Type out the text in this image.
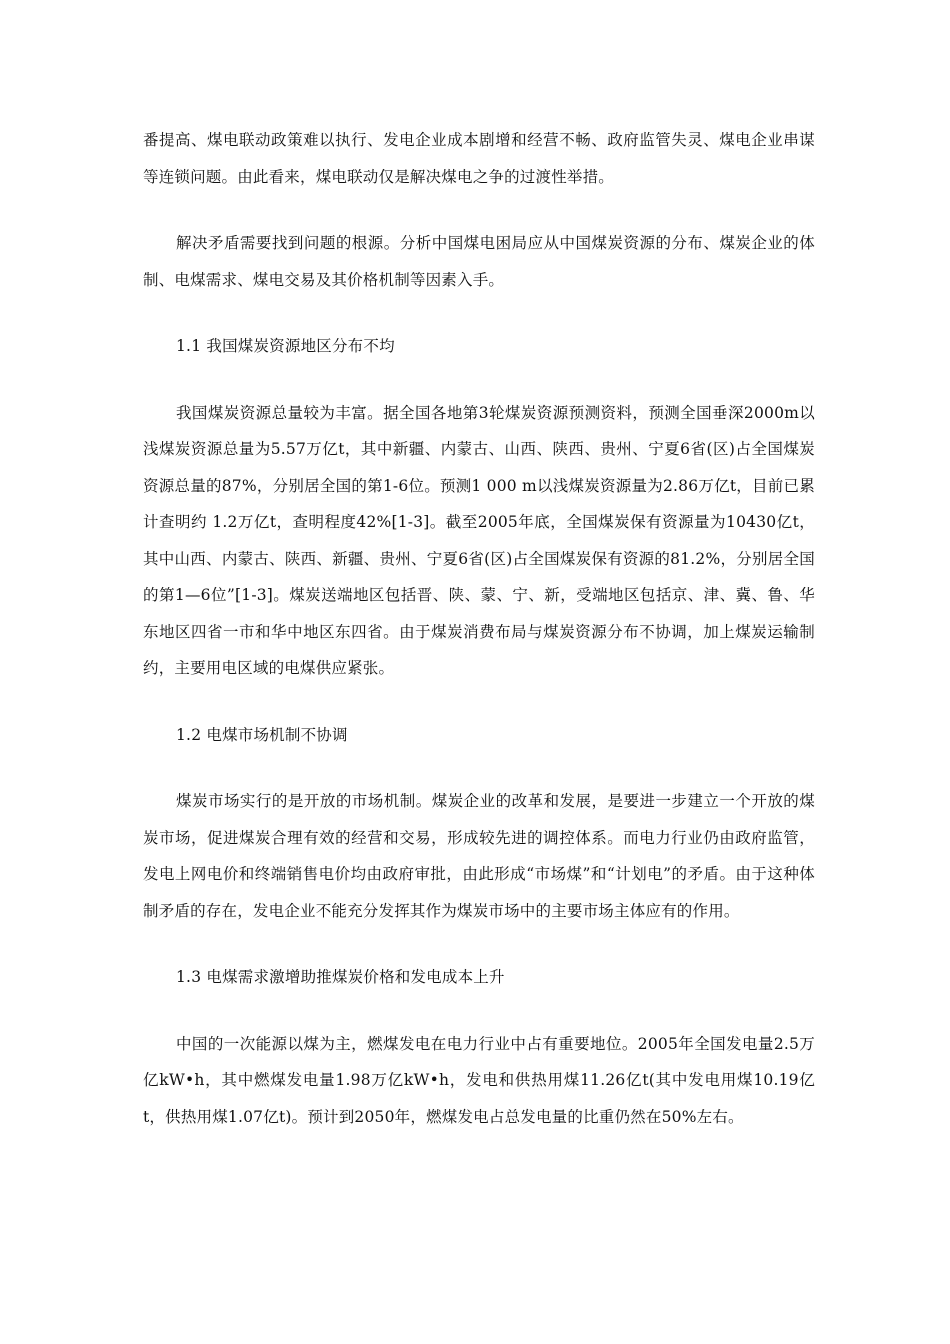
番提高、煤电联动政策难以执行、发电企业成本剧增和经营不畅、政府监管失灵、煤电企业串谋等连锁问题。由此看来，煤电联动仅是解决煤电之争的过渡性举措。

解决矛盾需要找到问题的根源。分析中国煤电困局应从中国煤炭资源的分布、煤炭企业的体制、电煤需求、煤电交易及其价格机制等因素入手。

1.1 我国煤炭资源地区分布不均

我国煤炭资源总量较为丰富。据全国各地第3轮煤炭资源预测资料，预测全国垂深2000m以浅煤炭资源总量为5.57万亿t，其中新疆、内蒙古、山西、陕西、贵州、宁夏6省(区)占全国煤炭资源总量的87%，分别居全国的第1-6位。预测1 000 m以浅煤炭资源量为2.86万亿t，目前已累计查明约 1.2万亿t，查明程度42%[1-3]。截至2005年底，全国煤炭保有资源量为10430亿t，其中山西、内蒙古、陕西、新疆、贵州、宁夏6省(区)占全国煤炭保有资源的81.2%，分别居全国的第1—6位”[1-3]。煤炭送端地区包括晋、陕、蒙、宁、新，受端地区包括京、津、冀、鲁、华东地区四省一市和华中地区东四省。由于煤炭消费布局与煤炭资源分布不协调，加上煤炭运输制约，主要用电区域的电煤供应紧张。

1.2 电煤市场机制不协调

煤炭市场实行的是开放的市场机制。煤炭企业的改革和发展，是要进一步建立一个开放的煤炭市场，促进煤炭合理有效的经营和交易，形成较先进的调控体系。而电力行业仍由政府监管，发电上网电价和终端销售电价均由政府审批，由此形成“市场煤”和“计划电”的矛盾。由于这种体制矛盾的存在，发电企业不能充分发挥其作为煤炭市场中的主要市场主体应有的作用。

1.3 电煤需求激增助推煤炭价格和发电成本上升

中国的一次能源以煤为主，燃煤发电在电力行业中占有重要地位。2005年全国发电量2.5万亿kW•h，其中燃煤发电量1.98万亿kW•h，发电和供热用煤11.26亿t(其中发电用煤10.19亿t，供热用煤1.07亿t)。预计到2050年，燃煤发电占总发电量的比重仍然在50%左右。
